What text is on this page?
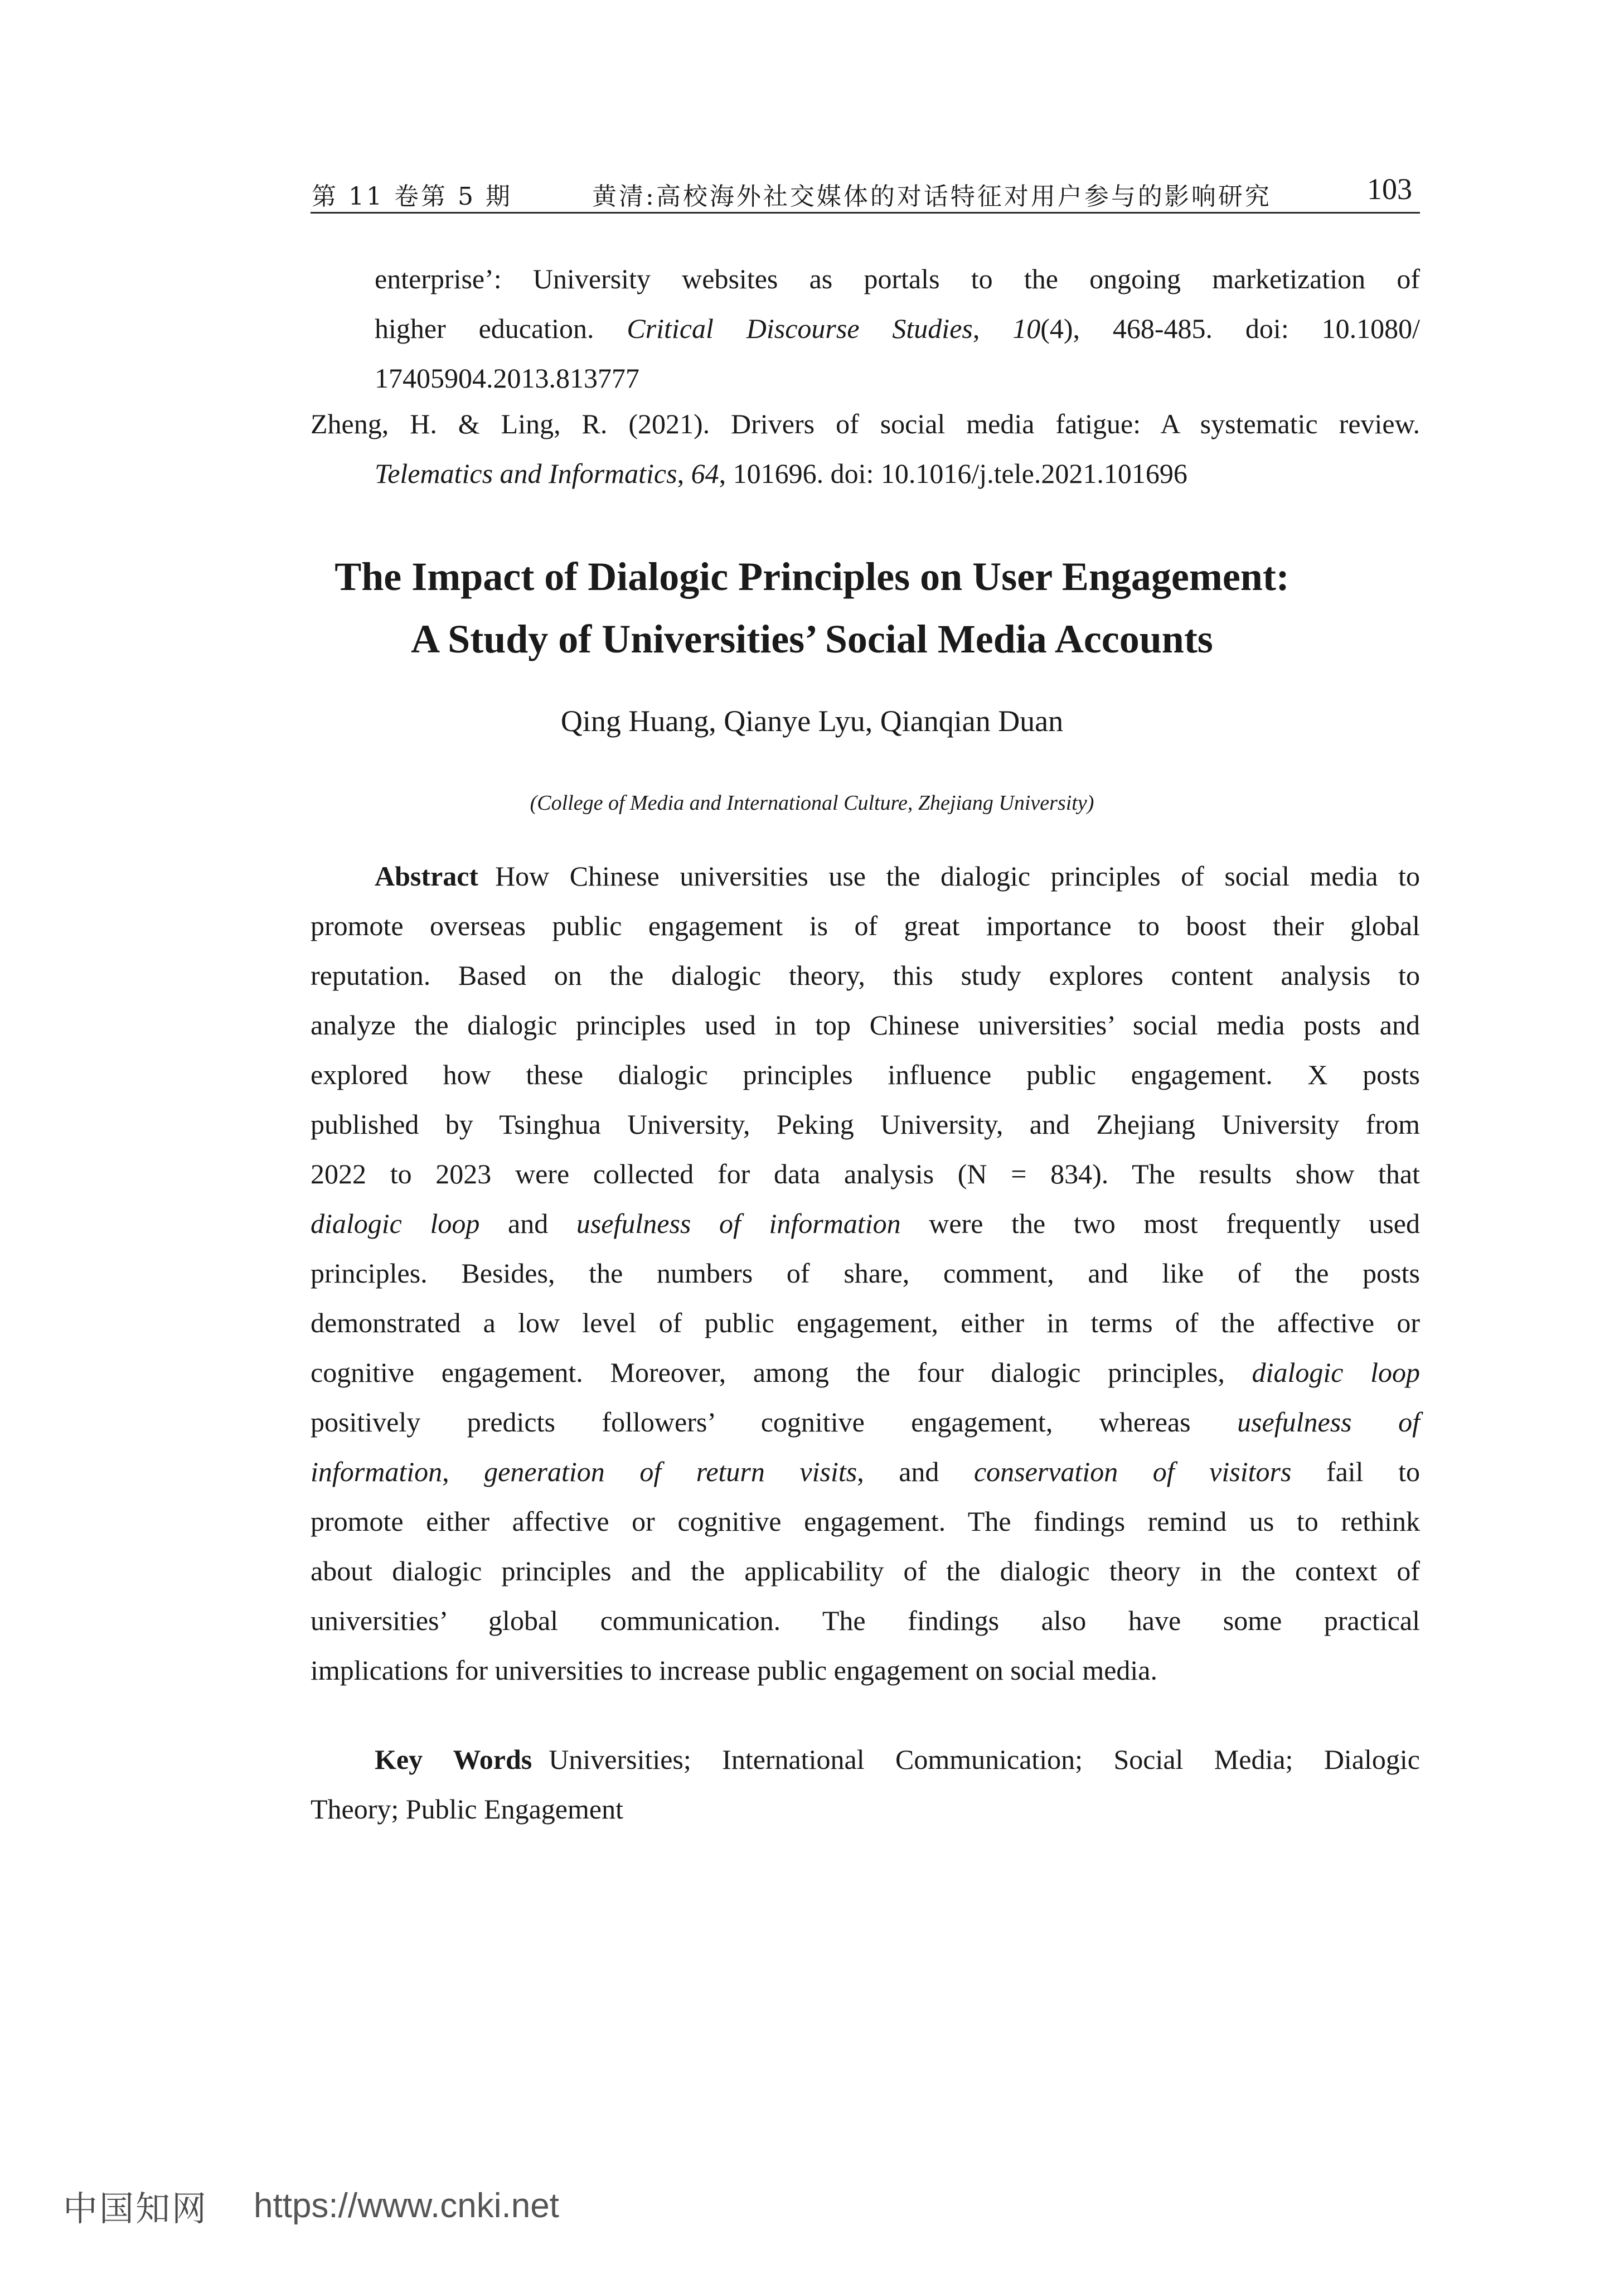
第 11 卷第 5 期	黄清:高校海外社交媒体的对话特征对用户参与的影响研究	103
enterprise’: University websites as portals to the ongoing marketization of
higher education. Critical Discourse Studies, 10(4), 468-485. doi: 10.1080/
17405904.2013.813777
Zheng, H. & Ling, R. (2021). Drivers of social media fatigue: A systematic review.
Telematics and Informatics, 64, 101696. doi: 10.1016/j.tele.2021.101696
The Impact of Dialogic Principles on User Engagement:
A Study of Universities’ Social Media Accounts
Qing Huang, Qianye Lyu, Qianqian Duan
(College of Media and International Culture, Zhejiang University)
Abstract How Chinese universities use the dialogic principles of social media to
promote overseas public engagement is of great importance to boost their global
reputation. Based on the dialogic theory, this study explores content analysis to
analyze the dialogic principles used in top Chinese universities’ social media posts and
explored how these dialogic principles influence public engagement. X posts
published by Tsinghua University, Peking University, and Zhejiang University from
2022 to 2023 were collected for data analysis (N = 834). The results show that
dialogic loop and usefulness of information were the two most frequently used
principles. Besides, the numbers of share, comment, and like of the posts
demonstrated a low level of public engagement, either in terms of the affective or
cognitive engagement. Moreover, among the four dialogic principles, dialogic loop
positively predicts followers’ cognitive engagement, whereas usefulness of
information, generation of return visits, and conservation of visitors fail to
promote either affective or cognitive engagement. The findings remind us to rethink
about dialogic principles and the applicability of the dialogic theory in the context of
universities’ global communication. The findings also have some practical
implications for universities to increase public engagement on social media.
Key Words Universities; International Communication; Social Media; Dialogic
Theory; Public Engagement
中国知网 https://www.cnki.net
